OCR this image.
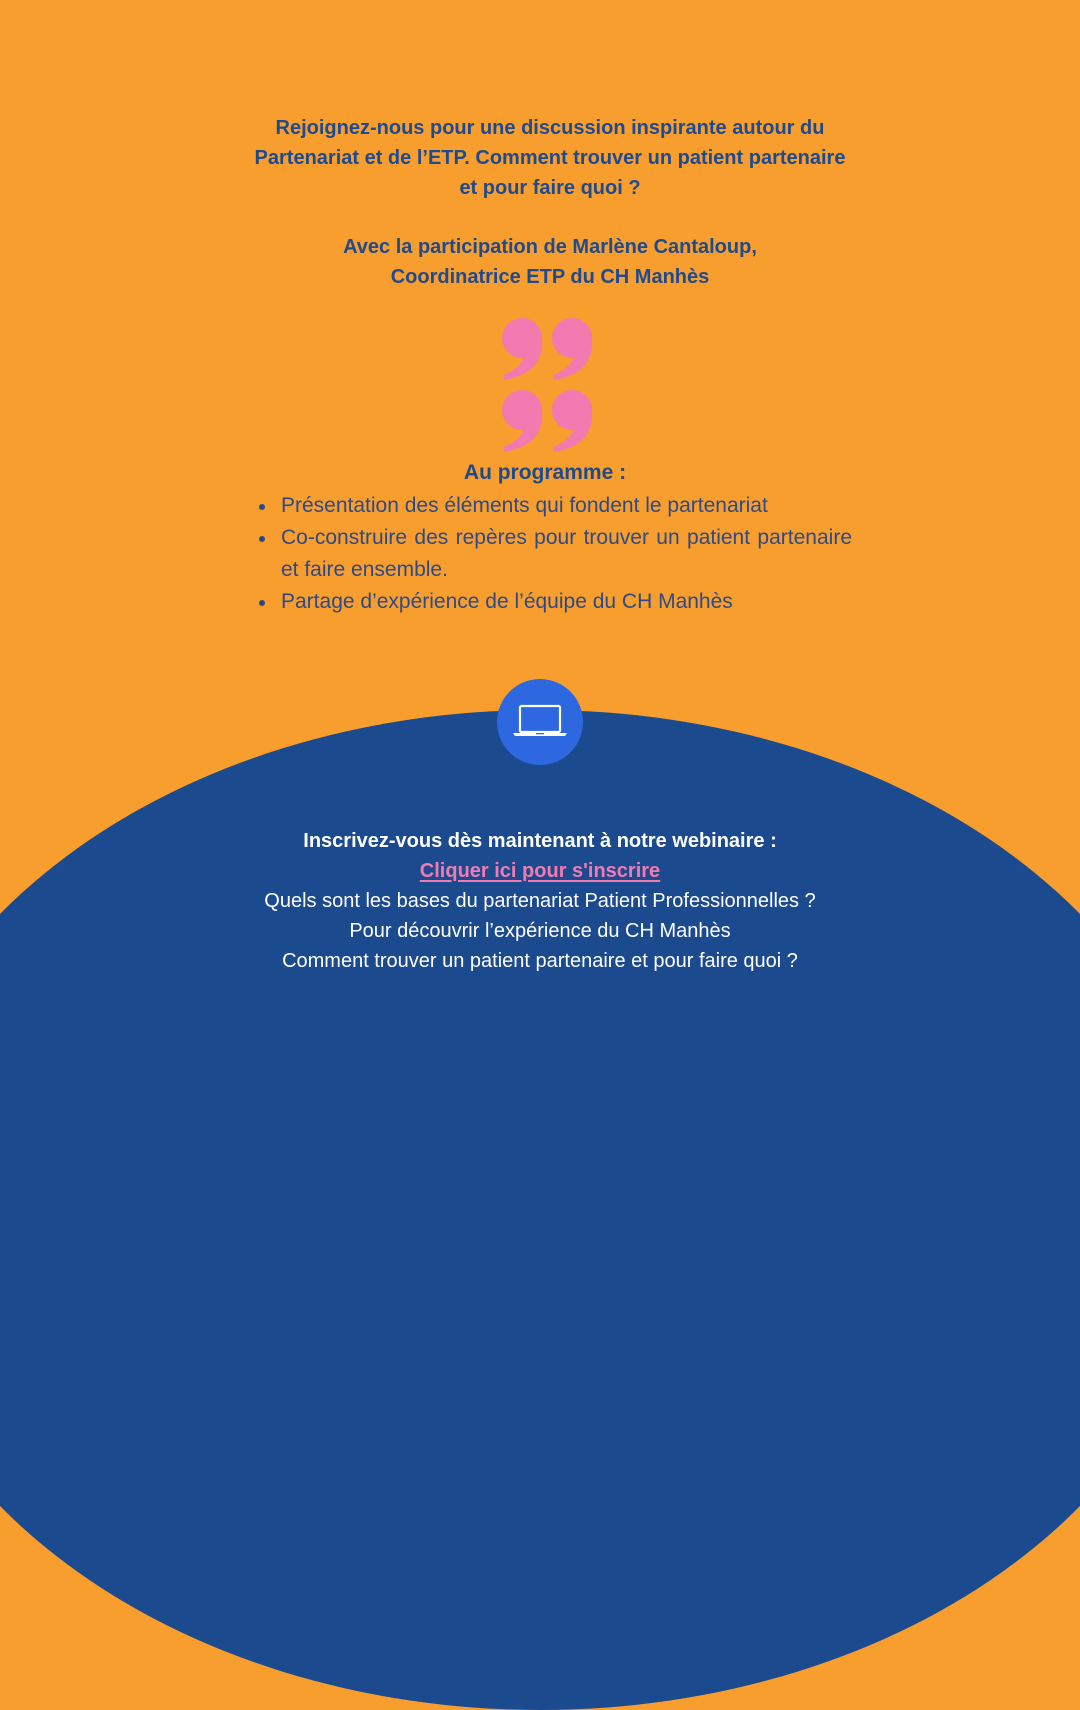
Rejoignez-nous pour une discussion inspirante autour du Partenariat et de l’ETP. Comment trouver un patient partenaire et pour faire quoi ?

Avec la participation de Marlène Cantaloup,

Coordinatrice ETP du CH Manhès

Au programme :
Présentation des éléments qui fondent le partenariat
Co-construire des repères pour trouver un patient partenaire et faire ensemble.
Partage d’expérience de l’équipe du CH Manhès

Inscrivez-vous dès maintenant à notre webinaire :

Cliquer ici pour s'inscrire

Quels sont les bases du partenariat Patient Professionnelles ?

Pour découvrir l’expérience du CH Manhès

Comment trouver un patient partenaire et pour faire quoi ?
